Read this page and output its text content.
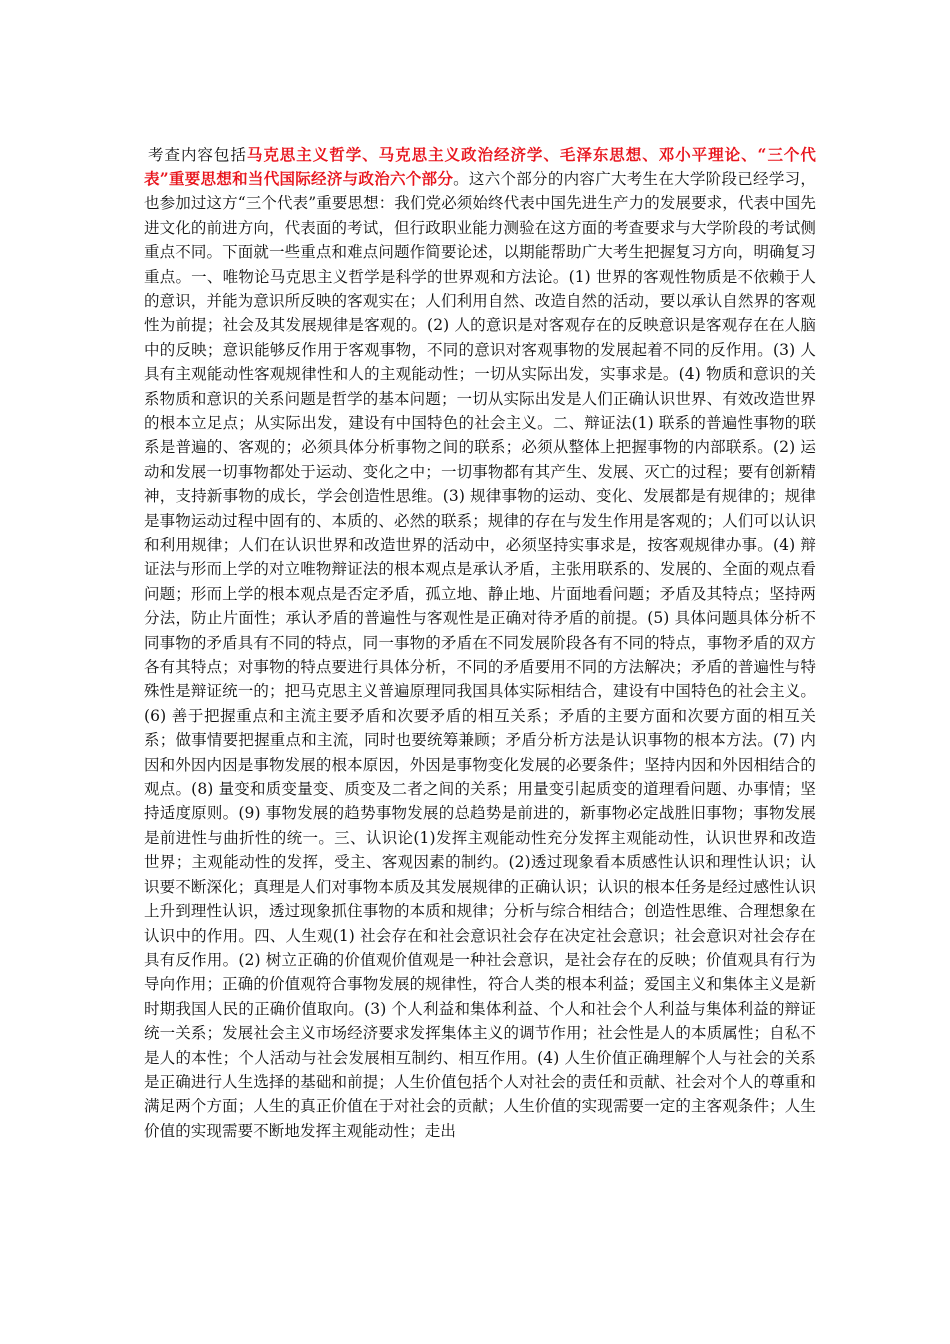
考查内容包括马克思主义哲学、马克思主义政治经济学、毛泽东思想、邓小平理论、“三个代表”重要思想和当代国际经济与政治六个部分。这六个部分的内容广大考生在大学阶段已经学习，也参加过这方“三个代表”重要思想：我们党必须始终代表中国先进生产力的发展要求，代表中国先进文化的前进方向，代表面的考试，但行政职业能力测验在这方面的考查要求与大学阶段的考试侧重点不同。下面就一些重点和难点问题作简要论述，以期能帮助广大考生把握复习方向，明确复习重点。一、唯物论马克思主义哲学是科学的世界观和方法论。(1) 世界的客观性物质是不依赖于人的意识，并能为意识所反映的客观实在；人们利用自然、改造自然的活动，要以承认自然界的客观性为前提；社会及其发展规律是客观的。(2) 人的意识是对客观存在的反映意识是客观存在在人脑中的反映；意识能够反作用于客观事物，不同的意识对客观事物的发展起着不同的反作用。(3) 人具有主观能动性客观规律性和人的主观能动性；一切从实际出发，实事求是。(4) 物质和意识的关系物质和意识的关系问题是哲学的基本问题；一切从实际出发是人们正确认识世界、有效改造世界的根本立足点；从实际出发，建设有中国特色的社会主义。二、辩证法(1) 联系的普遍性事物的联系是普遍的、客观的；必须具体分析事物之间的联系；必须从整体上把握事物的内部联系。(2) 运动和发展一切事物都处于运动、变化之中；一切事物都有其产生、发展、灭亡的过程；要有创新精神，支持新事物的成长，学会创造性思维。(3) 规律事物的运动、变化、发展都是有规律的；规律是事物运动过程中固有的、本质的、必然的联系；规律的存在与发生作用是客观的；人们可以认识和利用规律；人们在认识世界和改造世界的活动中，必须坚持实事求是，按客观规律办事。(4) 辩证法与形而上学的对立唯物辩证法的根本观点是承认矛盾，主张用联系的、发展的、全面的观点看问题；形而上学的根本观点是否定矛盾，孤立地、静止地、片面地看问题；矛盾及其特点；坚持两分法，防止片面性；承认矛盾的普遍性与客观性是正确对待矛盾的前提。(5) 具体问题具体分析不同事物的矛盾具有不同的特点，同一事物的矛盾在不同发展阶段各有不同的特点，事物矛盾的双方各有其特点；对事物的特点要进行具体分析，不同的矛盾要用不同的方法解决；矛盾的普遍性与特殊性是辩证统一的；把马克思主义普遍原理同我国具体实际相结合，建设有中国特色的社会主义。(6) 善于把握重点和主流主要矛盾和次要矛盾的相互关系；矛盾的主要方面和次要方面的相互关系；做事情要把握重点和主流，同时也要统筹兼顾；矛盾分析方法是认识事物的根本方法。(7) 内因和外因内因是事物发展的根本原因，外因是事物变化发展的必要条件；坚持内因和外因相结合的观点。(8) 量变和质变量变、质变及二者之间的关系；用量变引起质变的道理看问题、办事情；坚持适度原则。(9) 事物发展的趋势事物发展的总趋势是前进的，新事物必定战胜旧事物；事物发展是前进性与曲折性的统一。三、认识论(1)发挥主观能动性充分发挥主观能动性，认识世界和改造世界；主观能动性的发挥，受主、客观因素的制约。(2)透过现象看本质感性认识和理性认识；认识要不断深化；真理是人们对事物本质及其发展规律的正确认识；认识的根本任务是经过感性认识上升到理性认识，透过现象抓住事物的本质和规律；分析与综合相结合；创造性思维、合理想象在认识中的作用。四、人生观(1) 社会存在和社会意识社会存在决定社会意识；社会意识对社会存在具有反作用。(2) 树立正确的价值观价值观是一种社会意识，是社会存在的反映；价值观具有行为导向作用；正确的价值观符合事物发展的规律性，符合人类的根本利益；爱国主义和集体主义是新时期我国人民的正确价值取向。(3) 个人利益和集体利益、个人和社会个人利益与集体利益的辩证统一关系；发展社会主义市场经济要求发挥集体主义的调节作用；社会性是人的本质属性；自私不是人的本性；个人活动与社会发展相互制约、相互作用。(4) 人生价值正确理解个人与社会的关系是正确进行人生选择的基础和前提；人生价值包括个人对社会的责任和贡献、社会对个人的尊重和满足两个方面；人生的真正价值在于对社会的贡献；人生价值的实现需要一定的主客观条件；人生价值的实现需要不断地发挥主观能动性；走出
